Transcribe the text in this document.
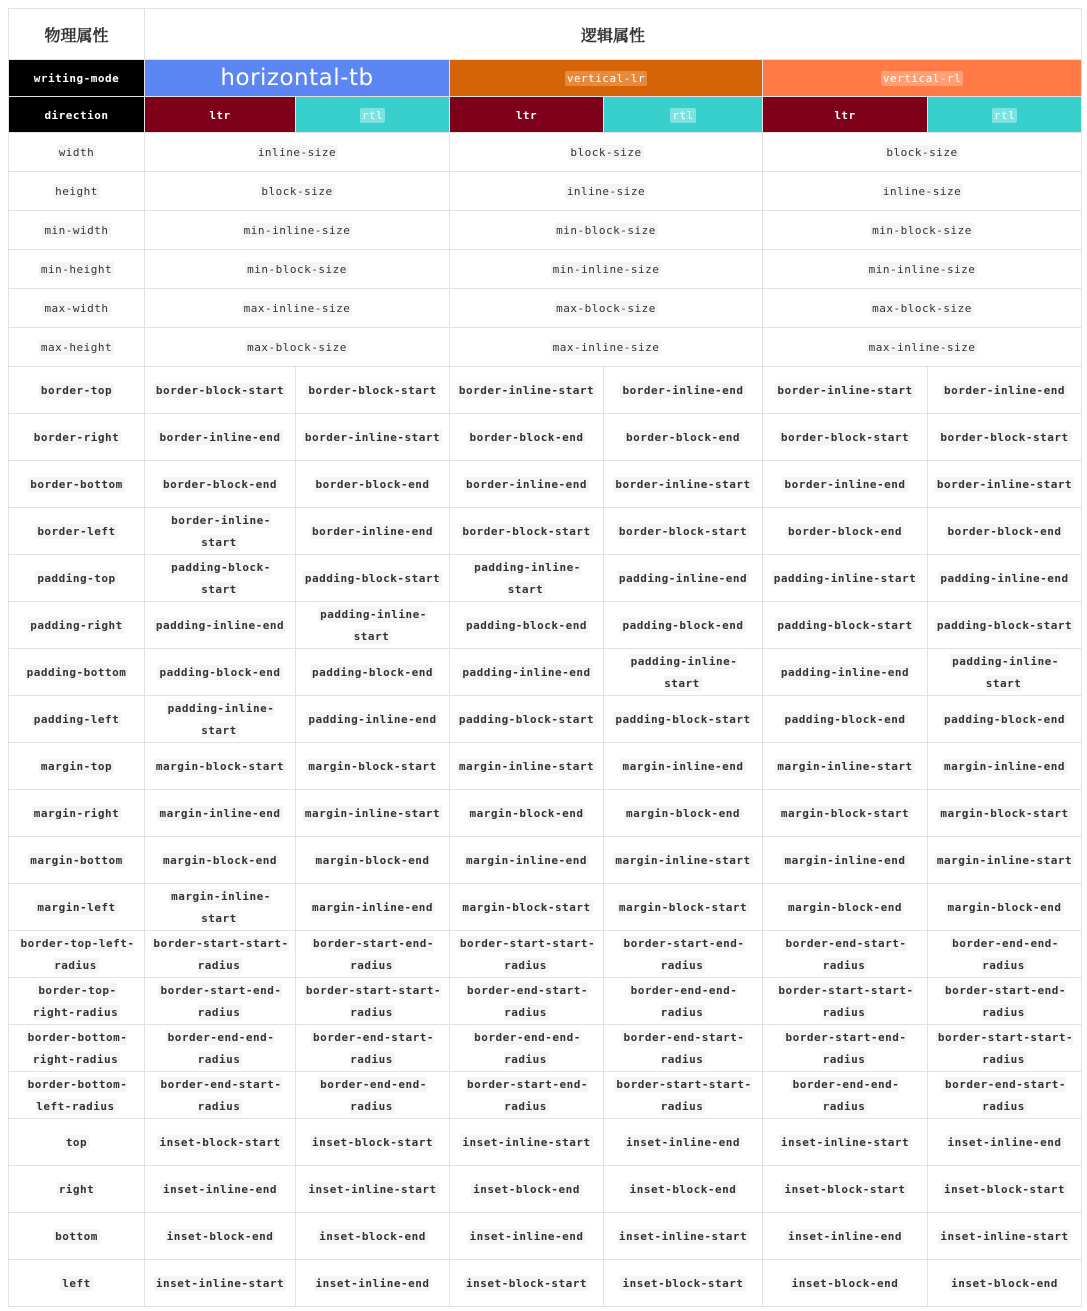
物理属性	逻辑属性					
writing-mode	horizontal-tb		vertical-lr		vertical-rl	
direction	ltr	rtl	ltr	rtl	ltr	rtl
width	inline-size		block-size		block-size	
height	block-size		inline-size		inline-size	
min-width	min-inline-size		min-block-size		min-block-size	
min-height	min-block-size		min-inline-size		min-inline-size	
max-width	max-inline-size		max-block-size		max-block-size	
max-height	max-block-size		max-inline-size		max-inline-size	
border-top	border-block-start	border-block-start	border-inline-start	border-inline-end	border-inline-start	border-inline-end
border-right	border-inline-end	border-inline-start	border-block-end	border-block-end	border-block-start	border-block-start
border-bottom	border-block-end	border-block-end	border-inline-end	border-inline-start	border-inline-end	border-inline-start
border-left	border-inline-start	border-inline-end	border-block-start	border-block-start	border-block-end	border-block-end
padding-top	padding-block-start	padding-block-start	padding-inline-start	padding-inline-end	padding-inline-start	padding-inline-end
padding-right	padding-inline-end	padding-inline-start	padding-block-end	padding-block-end	padding-block-start	padding-block-start
padding-bottom	padding-block-end	padding-block-end	padding-inline-end	padding-inline-start	padding-inline-end	padding-inline-start
padding-left	padding-inline-start	padding-inline-end	padding-block-start	padding-block-start	padding-block-end	padding-block-end
margin-top	margin-block-start	margin-block-start	margin-inline-start	margin-inline-end	margin-inline-start	margin-inline-end
margin-right	margin-inline-end	margin-inline-start	margin-block-end	margin-block-end	margin-block-start	margin-block-start
margin-bottom	margin-block-end	margin-block-end	margin-inline-end	margin-inline-start	margin-inline-end	margin-inline-start
margin-left	margin-inline-start	margin-inline-end	margin-block-start	margin-block-start	margin-block-end	margin-block-end
border-top-left-radius	border-start-start-radius	border-start-end-radius	border-start-start-radius	border-start-end-radius	border-end-start-radius	border-end-end-radius
border-top-right-radius	border-start-end-radius	border-start-start-radius	border-end-start-radius	border-end-end-radius	border-start-start-radius	border-start-end-radius
border-bottom-right-radius	border-end-end-radius	border-end-start-radius	border-end-end-radius	border-end-start-radius	border-start-end-radius	border-start-start-radius
border-bottom-left-radius	border-end-start-radius	border-end-end-radius	border-start-end-radius	border-start-start-radius	border-end-end-radius	border-end-start-radius
top	inset-block-start	inset-block-start	inset-inline-start	inset-inline-end	inset-inline-start	inset-inline-end
right	inset-inline-end	inset-inline-start	inset-block-end	inset-block-end	inset-block-start	inset-block-start
bottom	inset-block-end	inset-block-end	inset-inline-end	inset-inline-start	inset-inline-end	inset-inline-start
left	inset-inline-start	inset-inline-end	inset-block-start	inset-block-start	inset-block-end	inset-block-end
